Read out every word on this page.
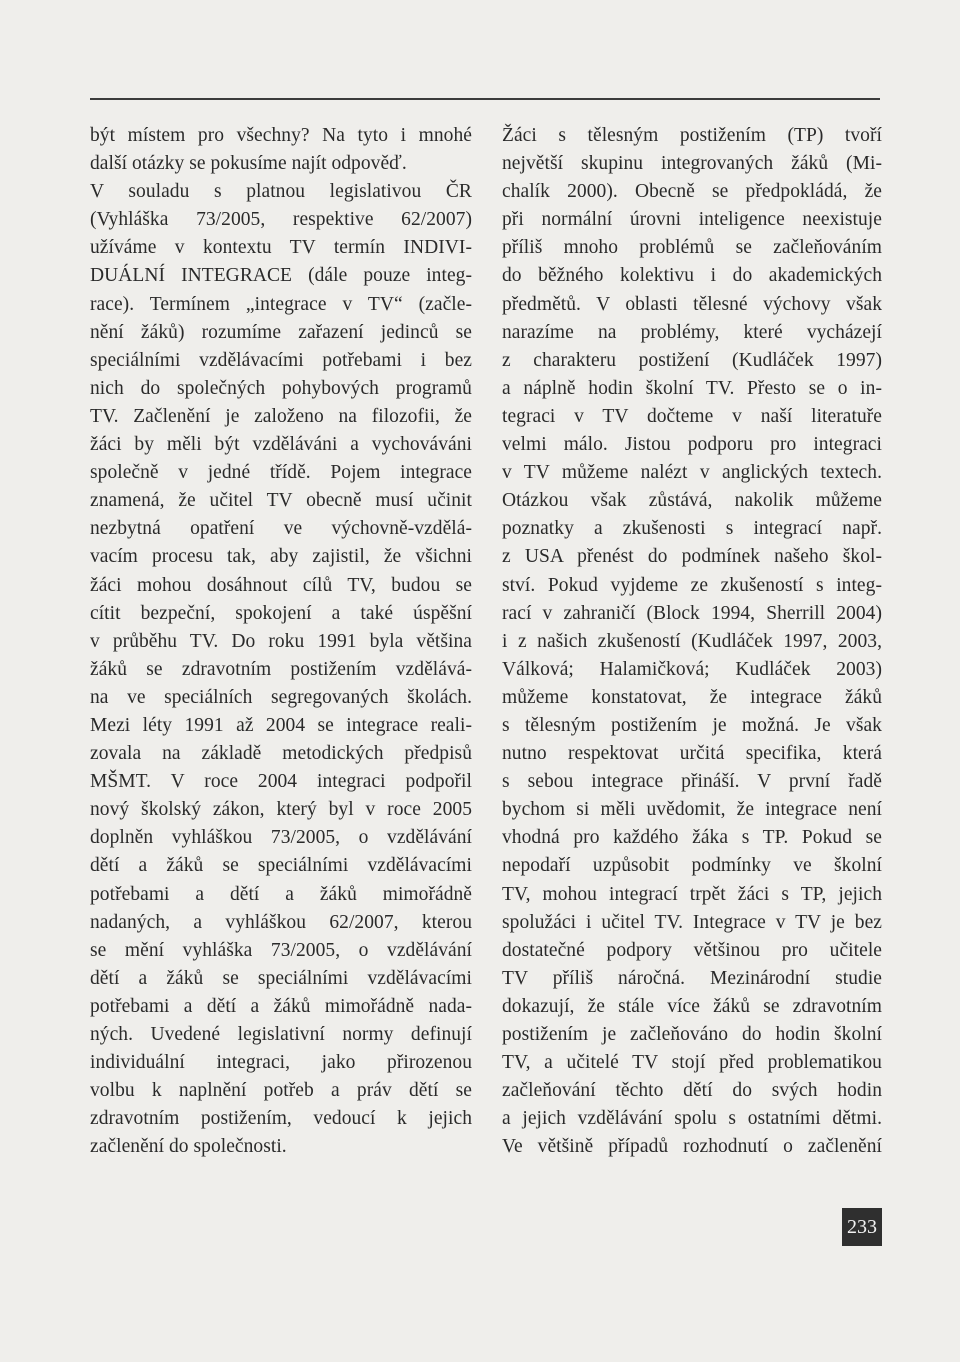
být místem pro všechny? Na tyto i mnohé
další otázky se pokusíme najít odpověď.
V souladu s platnou legislativou ČR
(Vyhláška 73/2005, respektive 62/2007)
užíváme v kontextu TV termín INDIVI-
DUÁLNÍ INTEGRACE (dále pouze integ-
race). Termínem „integrace v TV“ (začle-
nění žáků) rozumíme zařazení jedinců se
speciálními vzdělávacími potřebami i bez
nich do společných pohybových programů
TV. Začlenění je založeno na filozofii, že
žáci by měli být vzděláváni a vychováváni
společně v jedné třídě. Pojem integrace
znamená, že učitel TV obecně musí učinit
nezbytná opatření ve výchovně-vzdělá-
vacím procesu tak, aby zajistil, že všichni
žáci mohou dosáhnout cílů TV, budou se
cítit bezpeční, spokojení a také úspěšní
v průběhu TV. Do roku 1991 byla většina
žáků se zdravotním postižením vzdělává-
na ve speciálních segregovaných školách.
Mezi léty 1991 až 2004 se integrace reali-
zovala na základě metodických předpisů
MŠMT. V roce 2004 integraci podpořil
nový školský zákon, který byl v roce 2005
doplněn vyhláškou 73/2005, o vzdělávání
dětí a žáků se speciálními vzdělávacími
potřebami a dětí a žáků mimořádně
nadaných, a vyhláškou 62/2007, kterou
se mění vyhláška 73/2005, o vzdělávání
dětí a žáků se speciálními vzdělávacími
potřebami a dětí a žáků mimořádně nada-
ných. Uvedené legislativní normy definují
individuální integraci, jako přirozenou
volbu k naplnění potřeb a práv dětí se
zdravotním postižením, vedoucí k jejich
začlenění do společnosti.
Žáci s tělesným postižením (TP) tvoří
největší skupinu integrovaných žáků (Mi-
chalík 2000). Obecně se předpokládá, že
při normální úrovni inteligence neexistuje
příliš mnoho problémů se začleňováním
do běžného kolektivu i do akademických
předmětů. V oblasti tělesné výchovy však
narazíme na problémy, které vycházejí
z charakteru postižení (Kudláček 1997)
a náplně hodin školní TV. Přesto se o in-
tegraci v TV dočteme v naší literatuře
velmi málo. Jistou podporu pro integraci
v TV můžeme nalézt v anglických textech.
Otázkou však zůstává, nakolik můžeme
poznatky a zkušenosti s integrací např.
z USA přenést do podmínek našeho škol-
ství. Pokud vyjdeme ze zkušeností s integ-
rací v zahraničí (Block 1994, Sherrill 2004)
i z našich zkušeností (Kudláček 1997, 2003,
Válková; Halamičková; Kudláček 2003)
můžeme konstatovat, že integrace žáků
s tělesným postižením je možná. Je však
nutno respektovat určitá specifika, která
s sebou integrace přináší. V první řadě
bychom si měli uvědomit, že integrace není
vhodná pro každého žáka s TP. Pokud se
nepodaří uzpůsobit podmínky ve školní
TV, mohou integrací trpět žáci s TP, jejich
spolužáci i učitel TV. Integrace v TV je bez
dostatečné podpory většinou pro učitele
TV příliš náročná. Mezinárodní studie
dokazují, že stále více žáků se zdravotním
postižením je začleňováno do hodin školní
TV, a učitelé TV stojí před problematikou
začleňování těchto dětí do svých hodin
a jejich vzdělávání spolu s ostatními dětmi.
Ve většině případů rozhodnutí o začlenění
233
